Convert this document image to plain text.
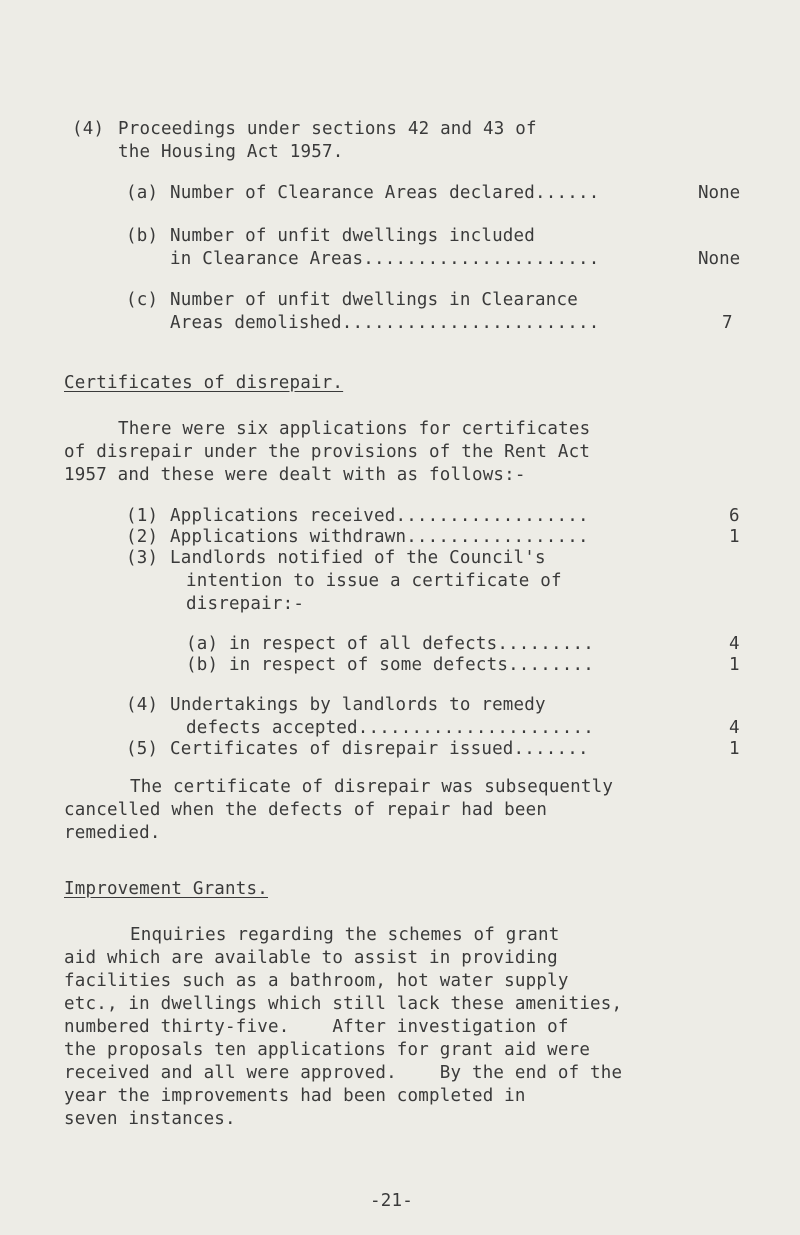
(4) Proceedings under sections 42 and 43 of
the Housing Act 1957.
(a) Number of Clearance Areas declared......	None
(b) Number of unfit dwellings included
in Clearance Areas......................	None
(c) Number of unfit dwellings in Clearance
Areas demolished........................	7
Certificates of disrepair.
There were six applications for certificates
of disrepair under the provisions of the Rent Act
1957 and these were dealt with as follows:-
(1) Applications received..................	6
(2) Applications withdrawn.................	1
(3) Landlords notified of the Council's
intention to issue a certificate of
disrepair:-
(a) in respect of all defects.........	4
(b) in respect of some defects........	1
(4) Undertakings by landlords to remedy
defects accepted......................	4
(5) Certificates of disrepair issued.......	1
The certificate of disrepair was subsequently
cancelled when the defects of repair had been
remedied.
Improvement Grants.
Enquiries regarding the schemes of grant
aid which are available to assist in providing
facilities such as a bathroom, hot water supply
etc., in dwellings which still lack these amenities,
numbered thirty-five.    After investigation of
the proposals ten applications for grant aid were
received and all were approved.    By the end of the
year the improvements had been completed in
seven instances.
-21-
